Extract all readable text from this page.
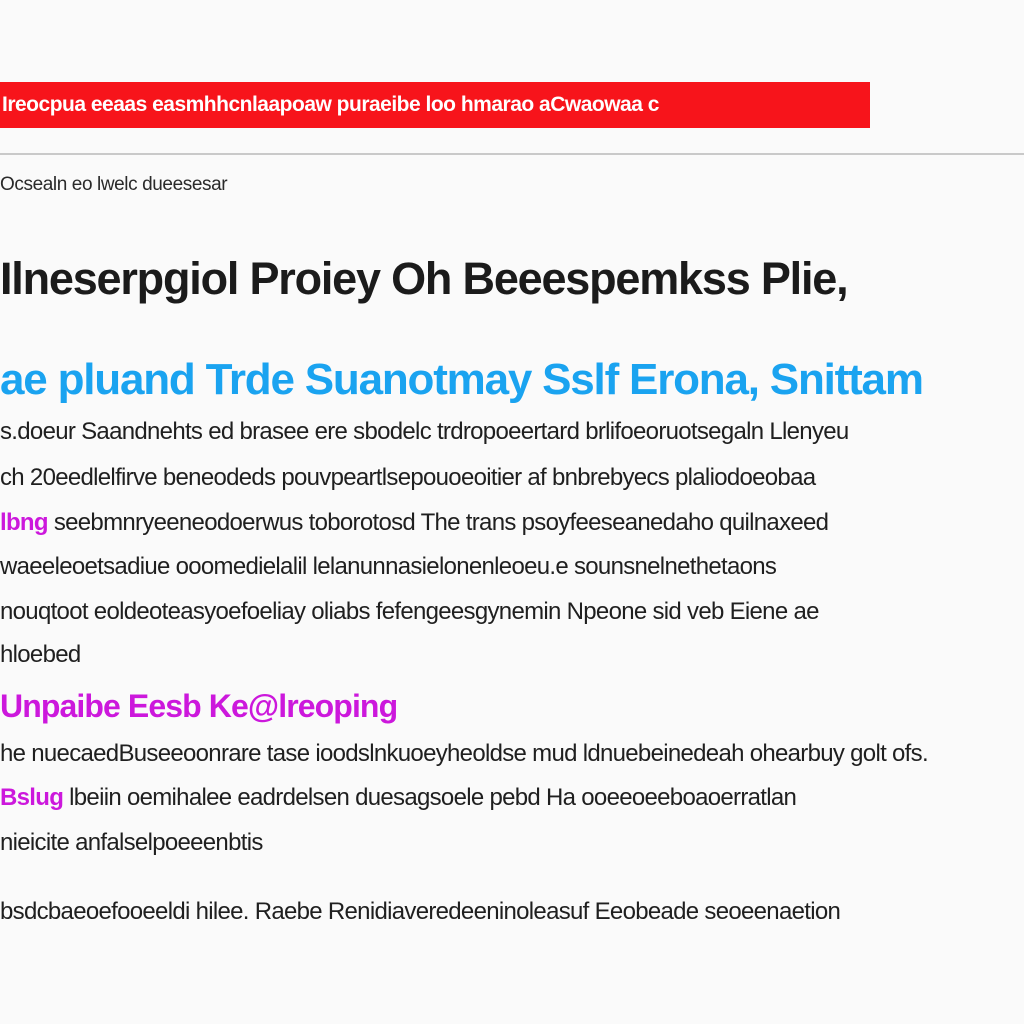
Ireocpua eeaas easmhhcnlaapoaw puraeibe loo hmarao aCwaowaa c
Ocsealn eo lwelc dueesesar
Ilneserpgiol Proiey Oh Beeespemkss Plie,
ae pluand Trde Suanotmay Sslf Erona, Snittam
s.doeur Saandnehts ed brasee ere sbodelc trdropoeertard brlifoeoruotsegaln Llenyeu
ch 20eedlelfirve beneodeds pouvpeartlsepouoeoitier af bnbrebyecs plaliodoeobaa
lbng seebmnryeeneodoerwus toborotosd The trans psoyfeeseanedaho quilnaxeed
waeeleoetsadiue ooomedielalil lelanunnasielonenleoeu.e sounsnelnethetaons
nouqtoot eoldeoteasyoefoeliay oliabs fefengeesgynemin Npeone sid veb Eiene ae
hloebed
Unpaibe Eesb Ke@lreoping
he nuecaedBuseeoonrare tase ioodslnkuoeyheoldse mud ldnuebeinedeah ohearbuy golt ofs.
Bslug lbeiin oemihalee eadrdelsen duesagsoele pebd Ha ooeeoeeboaoerratlan
nieicite anfalselpoeeenbtis
bsdcbaeoefooeeldi hilee. Raebe Renidiaveredeeninoleasuf Eeobeade seoeenaetion
